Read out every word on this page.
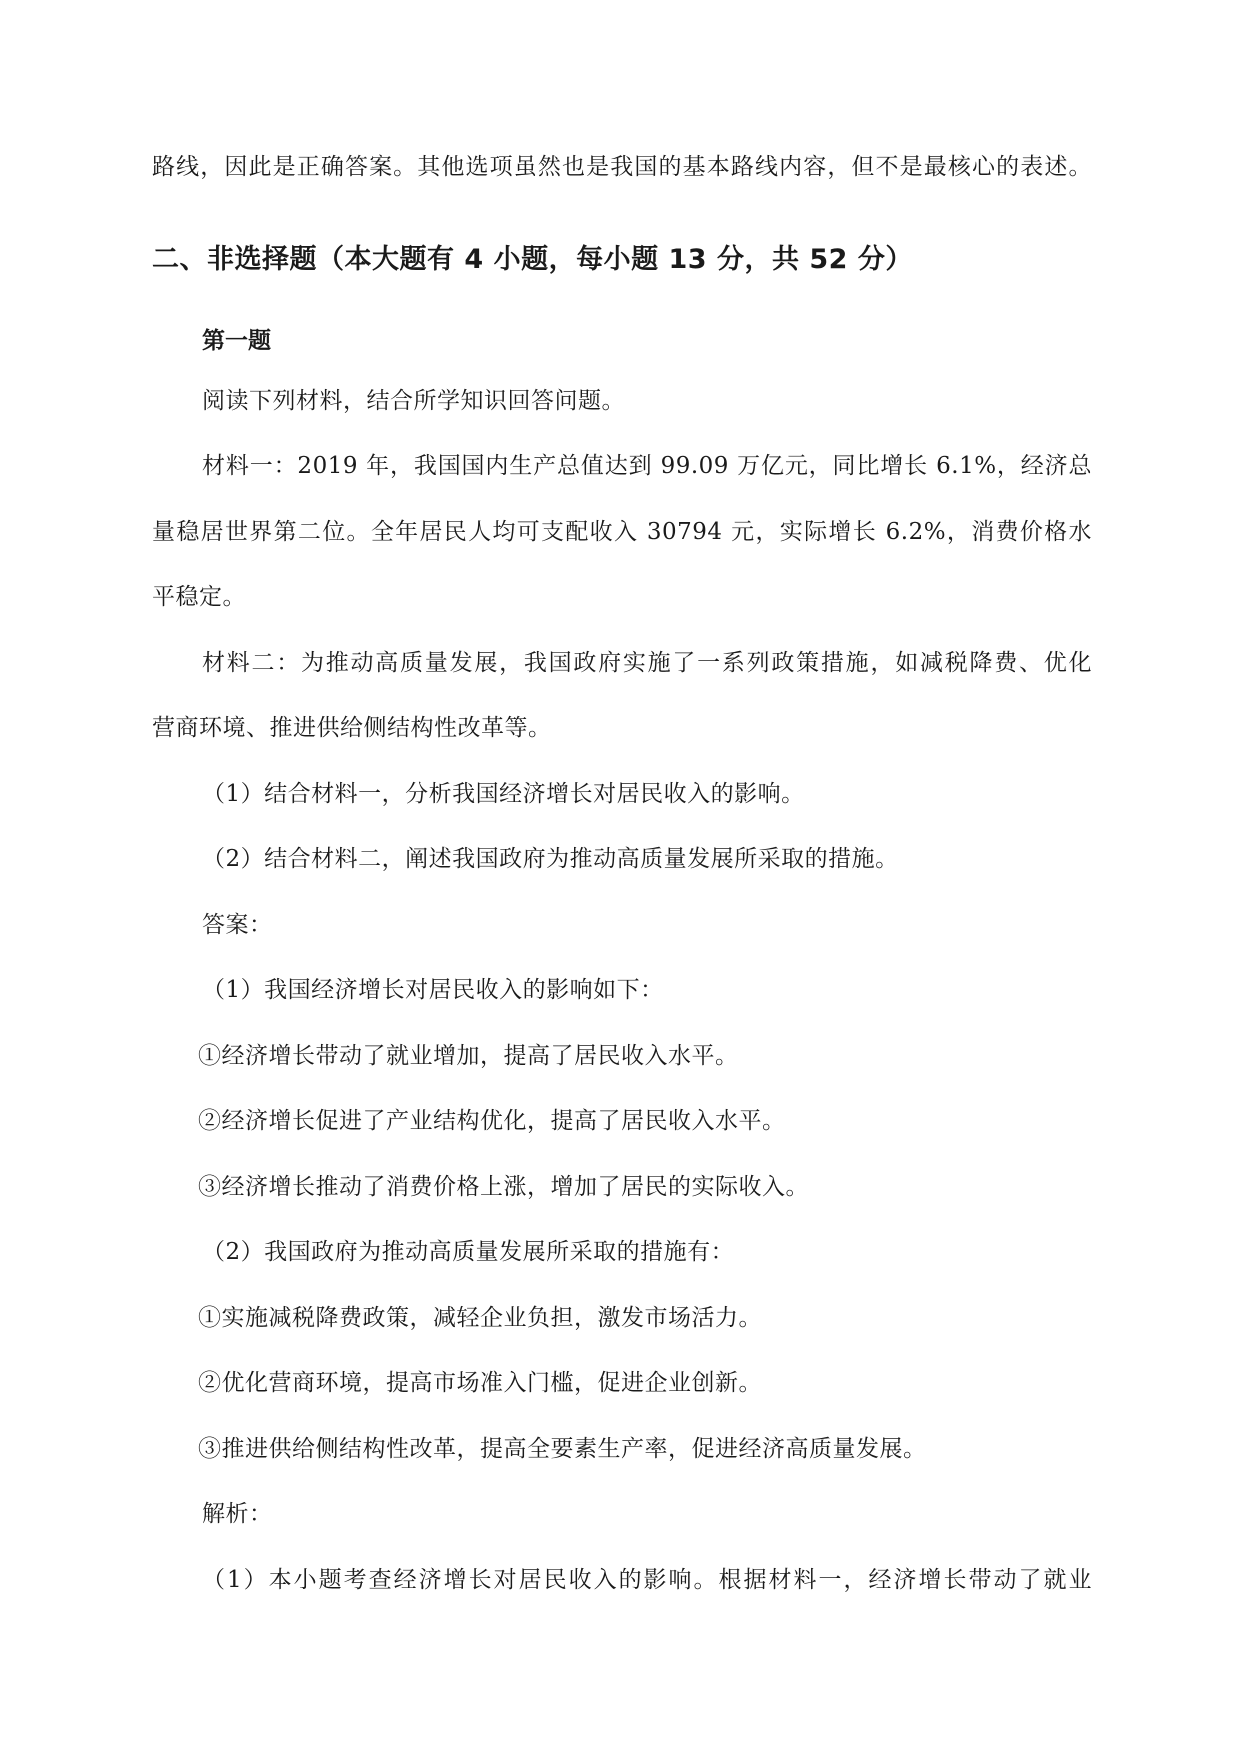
路线，因此是正确答案。其他选项虽然也是我国的基本路线内容，但不是最核心的表述。
二、非选择题（本大题有 4 小题，每小题 13 分，共 52 分）
第一题
阅读下列材料，结合所学知识回答问题。
材料一：2019 年，我国国内生产总值达到 99.09 万亿元，同比增长 6.1%，经济总
量稳居世界第二位。全年居民人均可支配收入 30794 元，实际增长 6.2%，消费价格水
平稳定。
材料二：为推动高质量发展，我国政府实施了一系列政策措施，如减税降费、优化
营商环境、推进供给侧结构性改革等。
（1）结合材料一，分析我国经济增长对居民收入的影响。
（2）结合材料二，阐述我国政府为推动高质量发展所采取的措施。
答案：
（1）我国经济增长对居民收入的影响如下：
①经济增长带动了就业增加，提高了居民收入水平。
②经济增长促进了产业结构优化，提高了居民收入水平。
③经济增长推动了消费价格上涨，增加了居民的实际收入。
（2）我国政府为推动高质量发展所采取的措施有：
①实施减税降费政策，减轻企业负担，激发市场活力。
②优化营商环境，提高市场准入门槛，促进企业创新。
③推进供给侧结构性改革，提高全要素生产率，促进经济高质量发展。
解析：
（1）本小题考查经济增长对居民收入的影响。根据材料一，经济增长带动了就业
